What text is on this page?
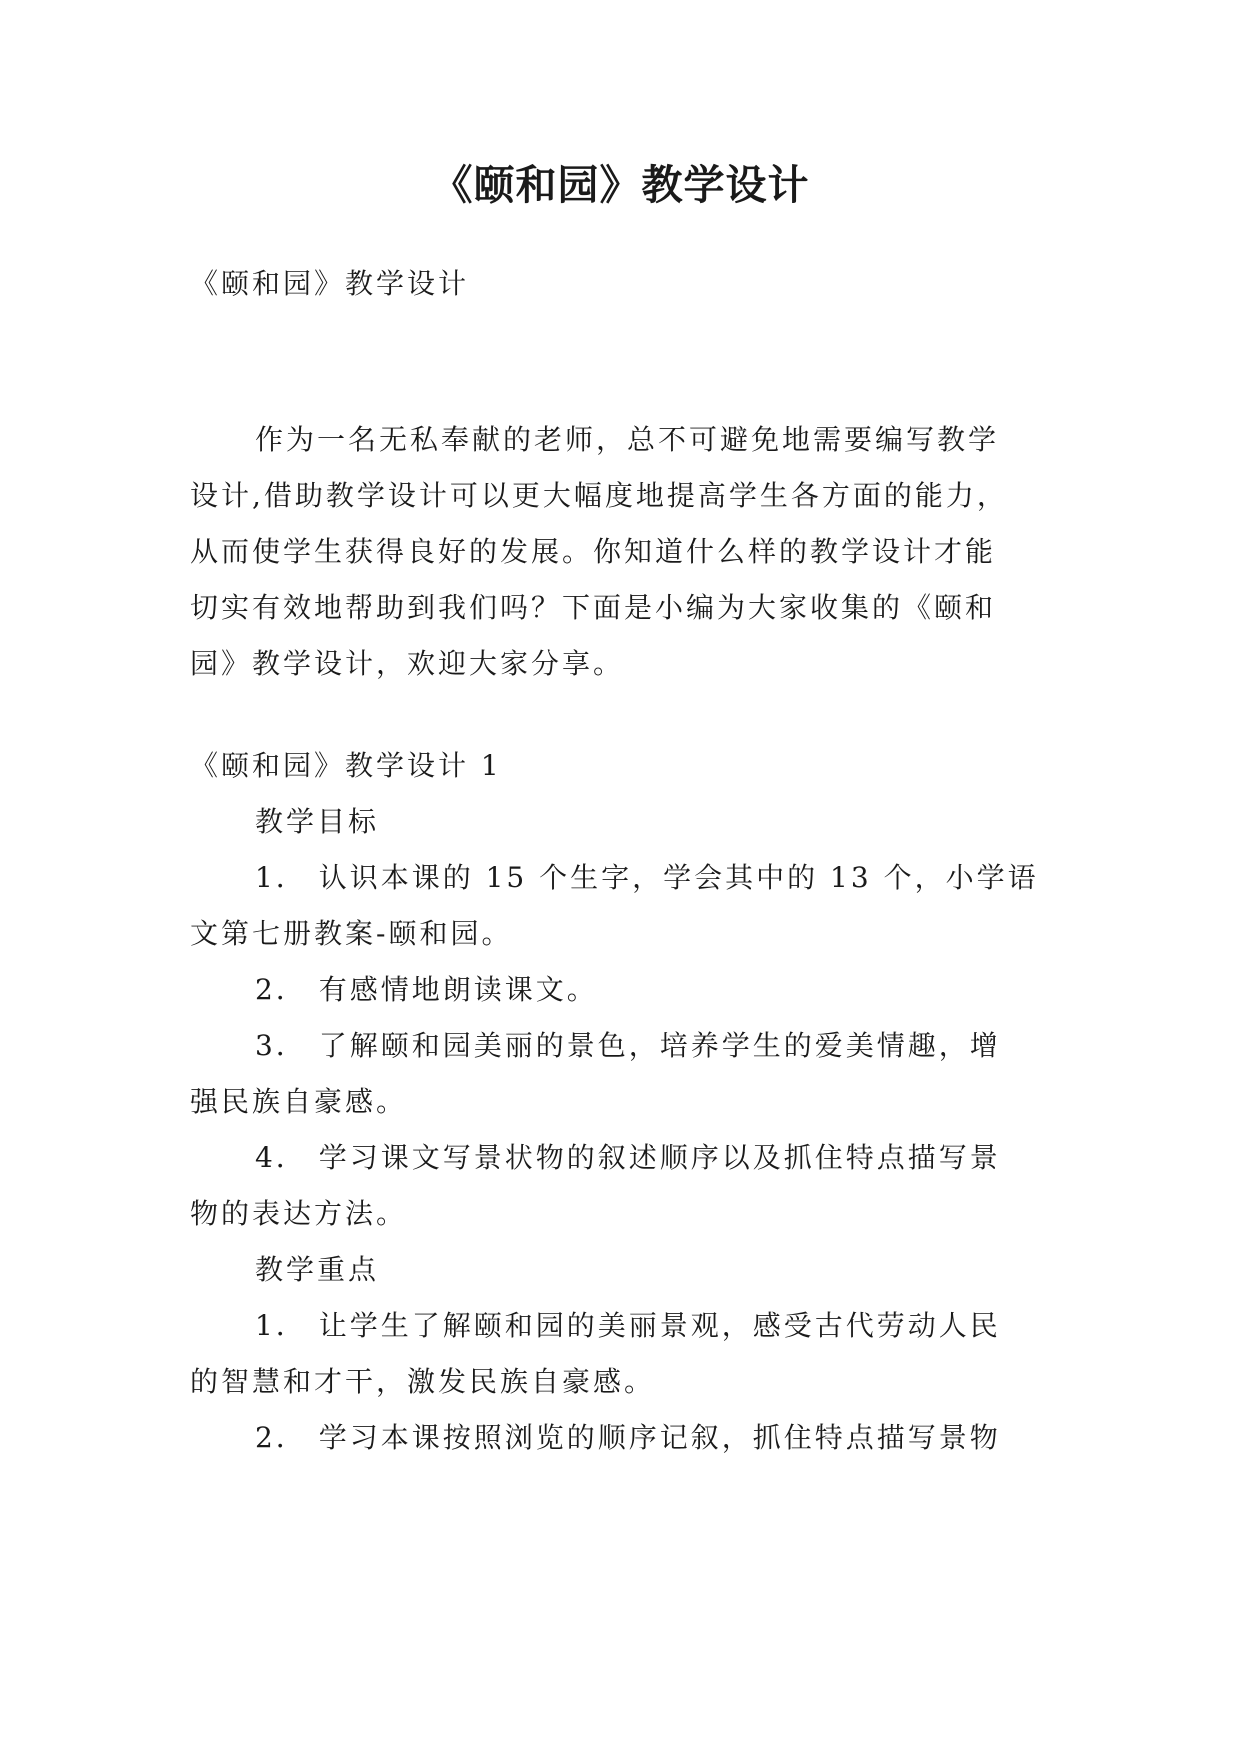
《颐和园》教学设计
《颐和园》教学设计
作为一名无私奉献的老师，总不可避免地需要编写教学
设计,借助教学设计可以更大幅度地提高学生各方面的能力，
从而使学生获得良好的发展。你知道什么样的教学设计才能
切实有效地帮助到我们吗？下面是小编为大家收集的《颐和
园》教学设计，欢迎大家分享。
《颐和园》教学设计 1
教学目标
1． 认识本课的 15 个生字，学会其中的 13 个，小学语
文第七册教案-颐和园。
2． 有感情地朗读课文。
3． 了解颐和园美丽的景色，培养学生的爱美情趣，增
强民族自豪感。
4． 学习课文写景状物的叙述顺序以及抓住特点描写景
物的表达方法。
教学重点
1． 让学生了解颐和园的美丽景观，感受古代劳动人民
的智慧和才干，激发民族自豪感。
2． 学习本课按照浏览的顺序记叙，抓住特点描写景物
